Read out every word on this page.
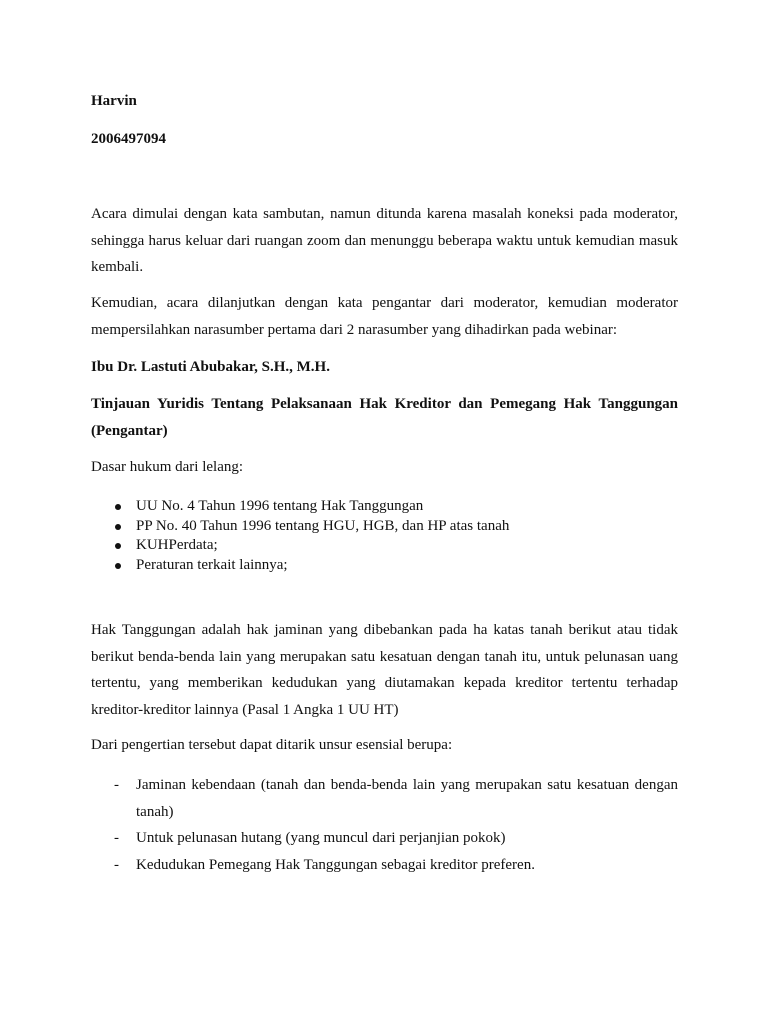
Harvin
2006497094

Acara dimulai dengan kata sambutan, namun ditunda karena masalah koneksi pada moderator, sehingga harus keluar dari ruangan zoom dan menunggu beberapa waktu untuk kemudian masuk kembali.

Kemudian, acara dilanjutkan dengan kata pengantar dari moderator, kemudian moderator mempersilahkan narasumber pertama dari 2 narasumber yang dihadirkan pada webinar:

Ibu Dr. Lastuti Abubakar, S.H., M.H.

Tinjauan Yuridis Tentang Pelaksanaan Hak Kreditor dan Pemegang Hak Tanggungan (Pengantar)

Dasar hukum dari lelang:
UU No. 4 Tahun 1996 tentang Hak Tanggungan
PP No. 40 Tahun 1996 tentang HGU, HGB, dan HP atas tanah
KUHPerdata;
Peraturan terkait lainnya;

Hak Tanggungan adalah hak jaminan yang dibebankan pada ha katas tanah berikut atau tidak berikut benda-benda lain yang merupakan satu kesatuan dengan tanah itu, untuk pelunasan uang tertentu, yang memberikan kedudukan yang diutamakan kepada kreditor tertentu terhadap kreditor-kreditor lainnya (Pasal 1 Angka 1 UU HT)

Dari pengertian tersebut dapat ditarik unsur esensial berupa:
- Jaminan kebendaan (tanah dan benda-benda lain yang merupakan satu kesatuan dengan tanah)
- Untuk pelunasan hutang (yang muncul dari perjanjian pokok)
- Kedudukan Pemegang Hak Tanggungan sebagai kreditor preferen.
